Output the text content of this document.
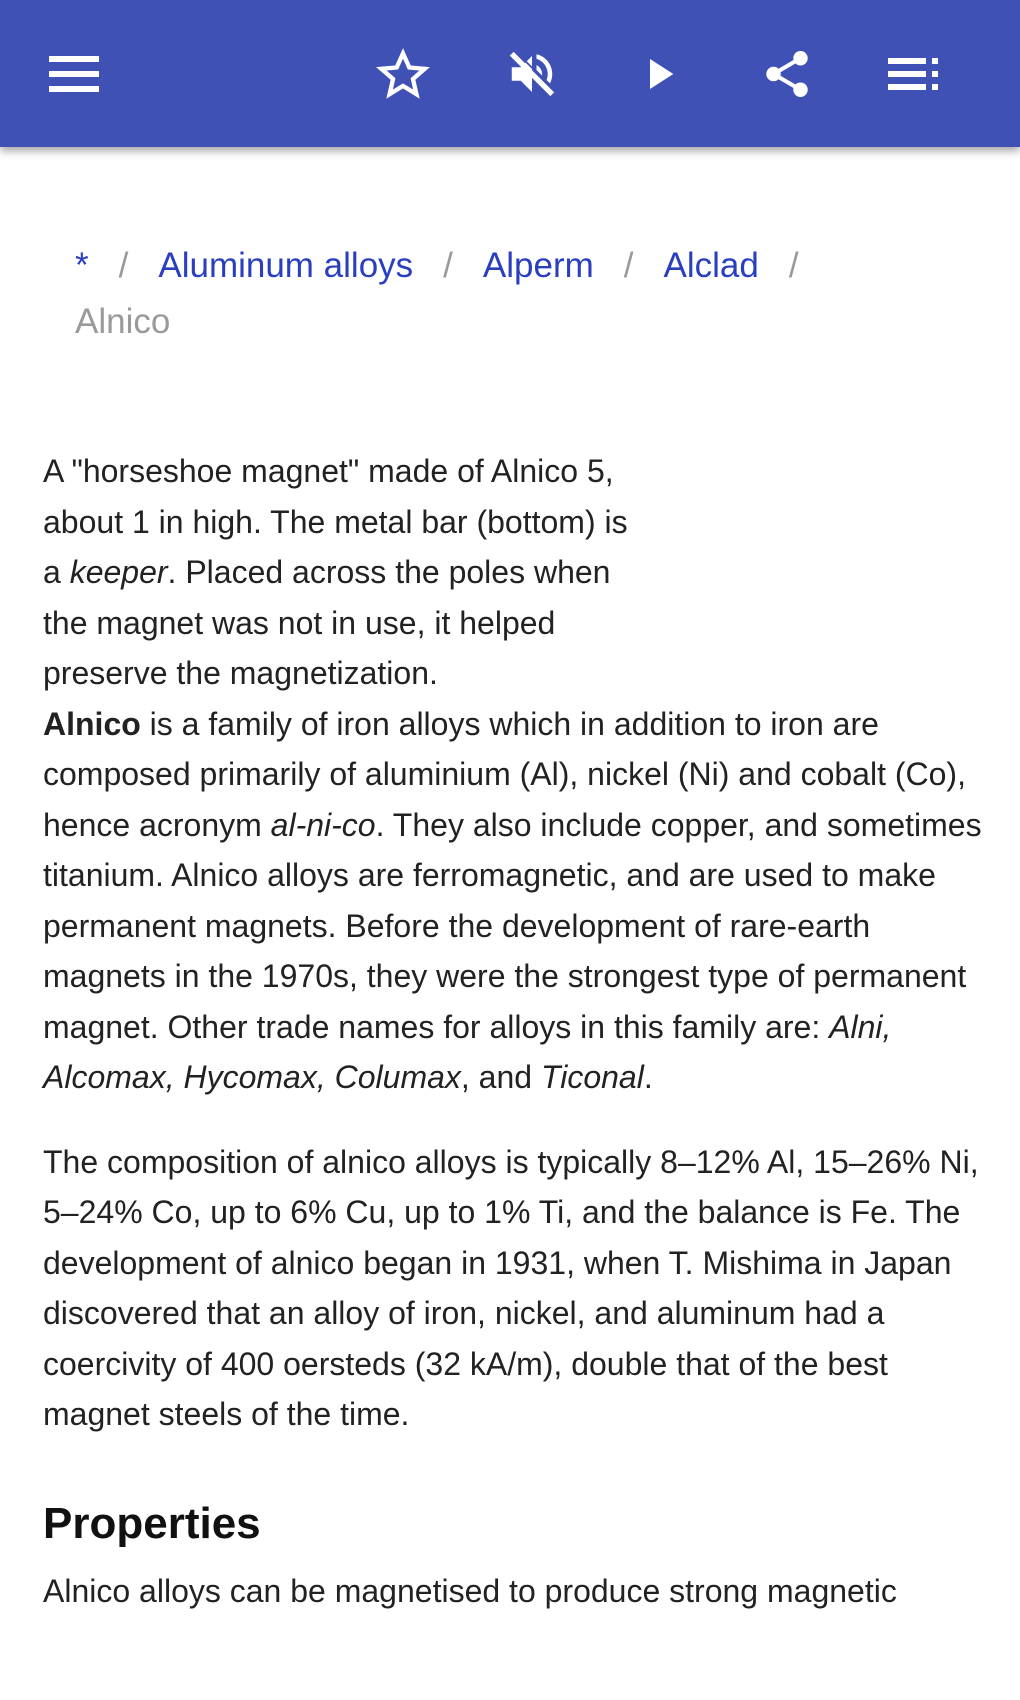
* / Aluminum alloys / Alperm / Alclad /
Alnico

A "horseshoe magnet" made of Alnico 5, about 1 in high. The metal bar (bottom) is a keeper. Placed across the poles when the magnet was not in use, it helped preserve the magnetization.

Alnico is a family of iron alloys which in addition to iron are composed primarily of aluminium (Al), nickel (Ni) and cobalt (Co), hence acronym al-ni-co. They also include copper, and sometimes titanium. Alnico alloys are ferromagnetic, and are used to make permanent magnets. Before the development of rare-earth magnets in the 1970s, they were the strongest type of permanent magnet. Other trade names for alloys in this family are: Alni, Alcomax, Hycomax, Columax, and Ticonal.

The composition of alnico alloys is typically 8–12% Al, 15–26% Ni, 5–24% Co, up to 6% Cu, up to 1% Ti, and the balance is Fe. The development of alnico began in 1931, when T. Mishima in Japan discovered that an alloy of iron, nickel, and aluminum had a coercivity of 400 oersteds (32 kA/m), double that of the best magnet steels of the time.

Properties

Alnico alloys can be magnetised to produce strong magnetic
